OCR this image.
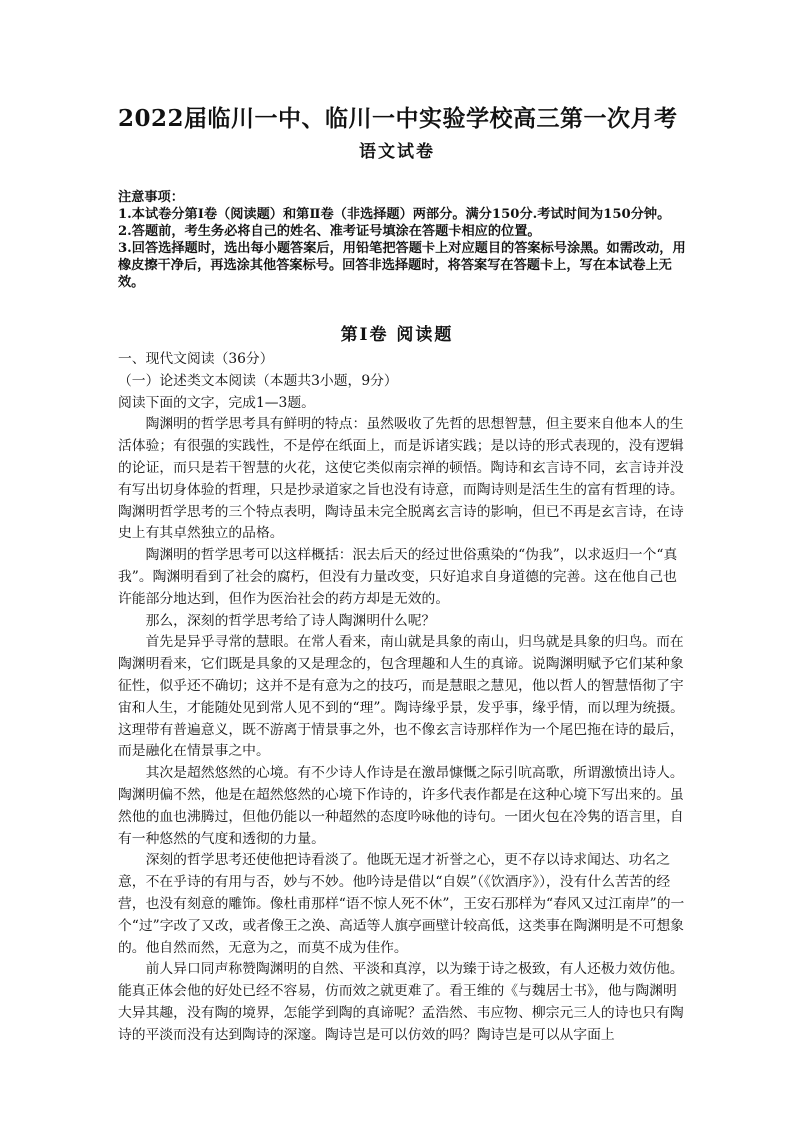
2022届临川一中、临川一中实验学校高三第一次月考
语文试卷

注意事项：

1.本试卷分第Ⅰ卷（阅读题）和第Ⅱ卷（非选择题）两部分。满分150分.考试时间为150分钟。

2.答题前，考生务必将自己的姓名、准考证号填涂在答题卡相应的位置。

3.回答选择题时，选出每小题答案后，用铅笔把答题卡上对应题目的答案标号涂黑。如需改动，用橡皮擦干净后，再选涂其他答案标号。回答非选择题时，将答案写在答题卡上，写在本试卷上无效。

第Ⅰ卷 阅读题

一、现代文阅读（36分）

（一）论述类文本阅读（本题共3小题，9分）

阅读下面的文字，完成1—3题。

陶渊明的哲学思考具有鲜明的特点：虽然吸收了先哲的思想智慧，但主要来自他本人的生活体验；有很强的实践性，不是停在纸面上，而是诉诸实践；是以诗的形式表现的，没有逻辑的论证，而只是若干智慧的火花，这使它类似南宗禅的顿悟。陶诗和玄言诗不同，玄言诗并没有写出切身体验的哲理，只是抄录道家之旨也没有诗意，而陶诗则是活生生的富有哲理的诗。陶渊明哲学思考的三个特点表明，陶诗虽未完全脱离玄言诗的影响，但已不再是玄言诗，在诗史上有其卓然独立的品格。

陶渊明的哲学思考可以这样概括：泯去后天的经过世俗熏染的“伪我”，以求返归一个“真我”。陶渊明看到了社会的腐朽，但没有力量改变，只好追求自身道德的完善。这在他自己也许能部分地达到，但作为医治社会的药方却是无效的。

那么，深刻的哲学思考给了诗人陶渊明什么呢？

首先是异乎寻常的慧眼。在常人看来，南山就是具象的南山，归鸟就是具象的归鸟。而在陶渊明看来，它们既是具象的又是理念的，包含理趣和人生的真谛。说陶渊明赋予它们某种象征性，似乎还不确切；这并不是有意为之的技巧，而是慧眼之慧见，他以哲人的智慧悟彻了宇宙和人生，才能随处见到常人见不到的“理”。陶诗缘乎景，发乎事，缘乎情，而以理为统摄。这理带有普遍意义，既不游离于情景事之外，也不像玄言诗那样作为一个尾巴拖在诗的最后，而是融化在情景事之中。

其次是超然悠然的心境。有不少诗人作诗是在激昂慷慨之际引吭高歌，所谓激愤出诗人。陶渊明偏不然，他是在超然悠然的心境下作诗的，许多代表作都是在这种心境下写出来的。虽然他的血也沸腾过，但他仍能以一种超然的态度吟咏他的诗句。一团火包在冷隽的语言里，自有一种悠然的气度和透彻的力量。

深刻的哲学思考还使他把诗看淡了。他既无逞才祈誉之心，更不存以诗求闻达、功名之意，不在乎诗的有用与否，妙与不妙。他吟诗是借以“自娱”（《饮酒序》），没有什么苦苦的经营，也没有刻意的雕饰。像杜甫那样“语不惊人死不休”，王安石那样为“春风又过江南岸”的一个“过”字改了又改，或者像王之涣、高适等人旗亭画壁计较高低，这类事在陶渊明是不可想象的。他自然而然，无意为之，而莫不成为佳作。

前人异口同声称赞陶渊明的自然、平淡和真淳，以为臻于诗之极致，有人还极力效仿他。能真正体会他的好处已经不容易，仿而效之就更难了。看王维的《与魏居士书》，他与陶渊明大异其趣，没有陶的境界，怎能学到陶的真谛呢？孟浩然、韦应物、柳宗元三人的诗也只有陶诗的平淡而没有达到陶诗的深邃。陶诗岂是可以仿效的吗？陶诗岂是可以从字面上
